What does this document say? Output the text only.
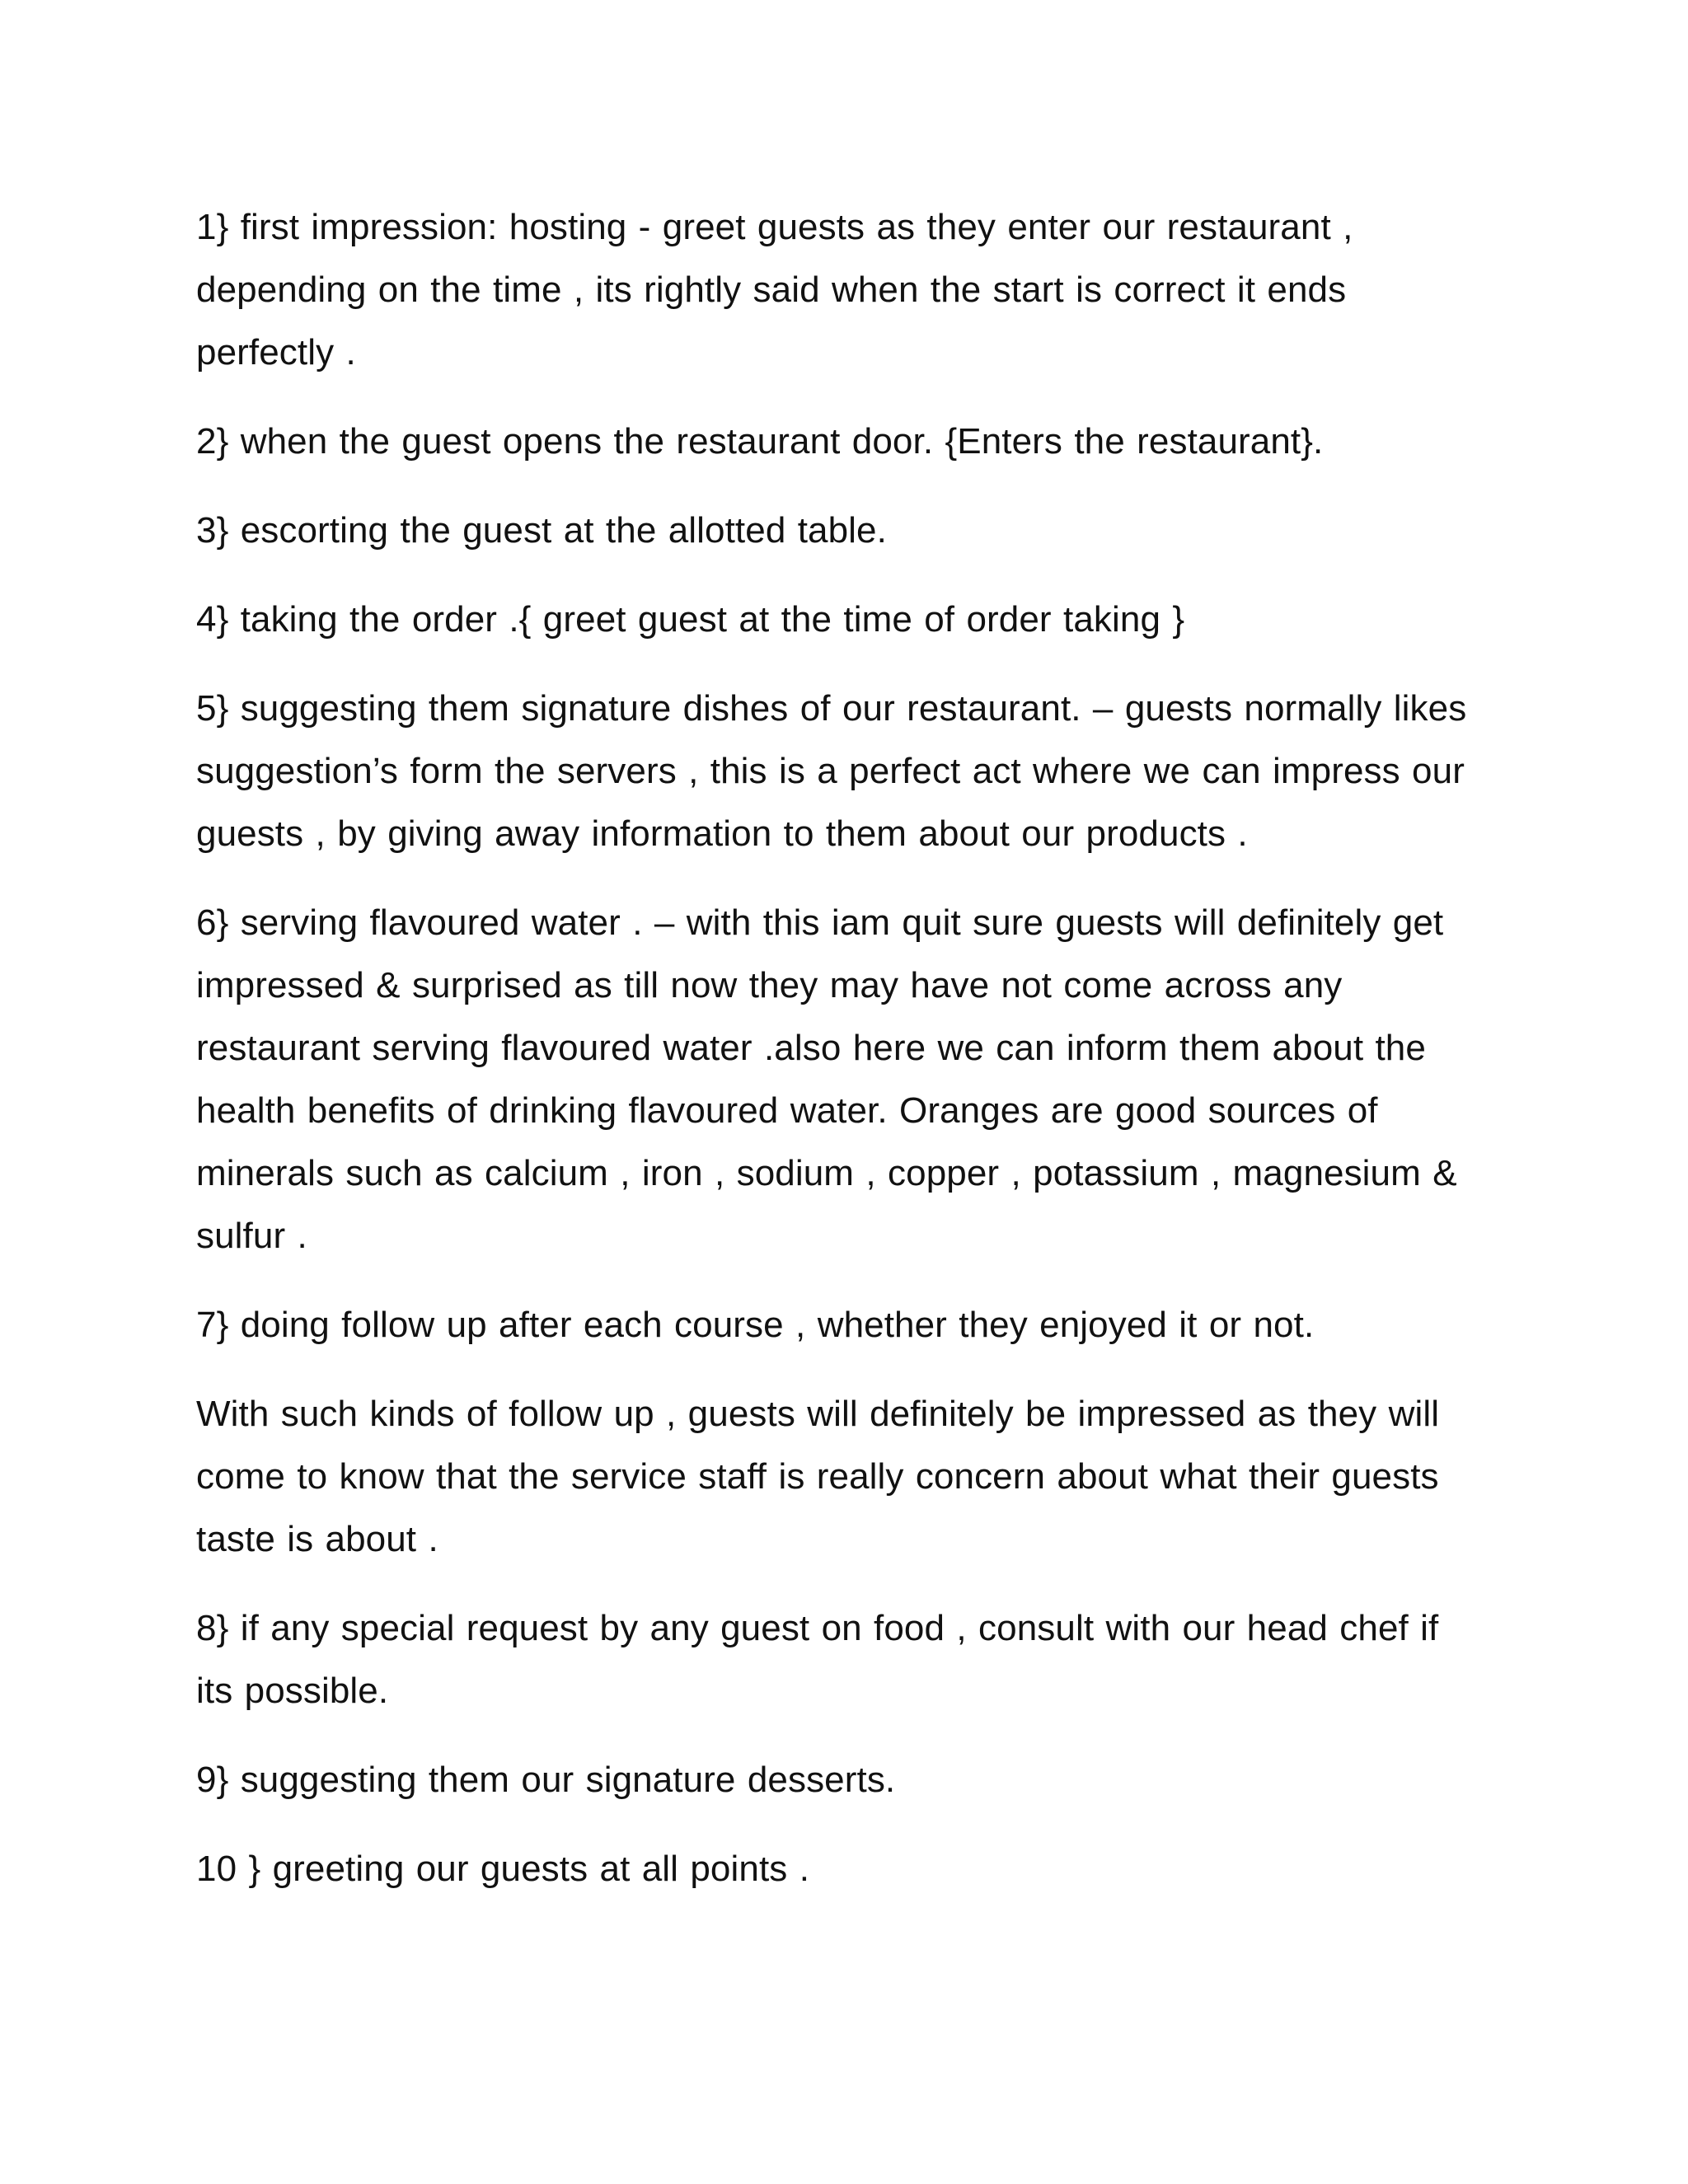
1} first impression: hosting - greet guests as they enter our restaurant , depending on the time , its rightly said when the start is correct it ends perfectly .

2} when the guest opens the restaurant door. {Enters the restaurant}.

3} escorting the guest at the allotted table.

4} taking the order .{ greet guest at the time of order taking }

5} suggesting them signature dishes of our restaurant. – guests normally likes suggestion’s form the servers , this is a perfect act where we can impress our guests , by giving away information to them about our products .

6} serving flavoured water . – with this iam quit sure guests will definitely get impressed & surprised as till now they may have not come across any restaurant serving flavoured water .also here we can inform them about the health benefits of drinking flavoured water. Oranges are good sources of minerals such as calcium , iron , sodium , copper , potassium , magnesium & sulfur .

7} doing follow up after each course , whether they enjoyed it or not.

With such kinds of follow up , guests will definitely be impressed as they will come to know that the service staff is really concern about what their guests taste is about .

8} if any special request by any guest on food , consult with our head chef if its possible.

9} suggesting them our signature desserts.

10 } greeting our guests at all points .
